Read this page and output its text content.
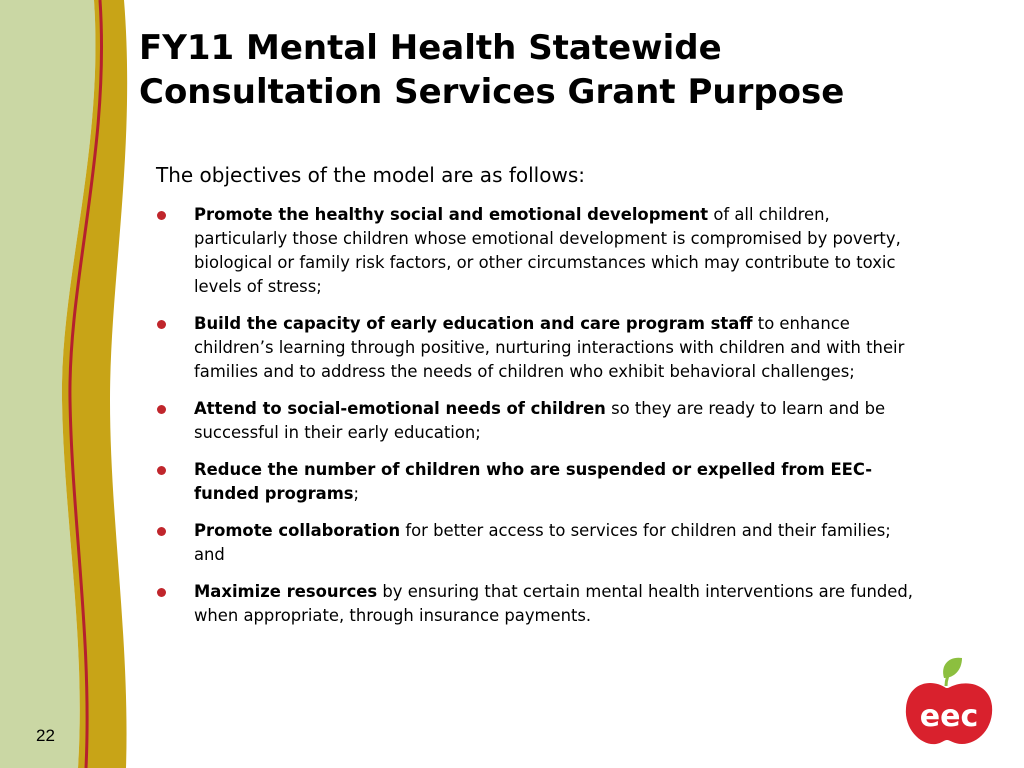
FY11 Mental Health Statewide
Consultation Services Grant Purpose

The objectives of the model are as follows:

Promote the healthy social and emotional development of all children, particularly those children whose emotional development is compromised by poverty, biological or family risk factors, or other circumstances which may contribute to toxic levels of stress;
Build the capacity of early education and care program staff to enhance children’s learning through positive, nurturing interactions with children and with their families and to address the needs of children who exhibit behavioral challenges;
Attend to social-emotional needs of children so they are ready to learn and be successful in their early education;
Reduce the number of children who are suspended or expelled from EEC-funded programs;
Promote collaboration for better access to services for children and their families; and
Maximize resources by ensuring that certain mental health interventions are funded, when appropriate, through insurance payments.
22
eec
